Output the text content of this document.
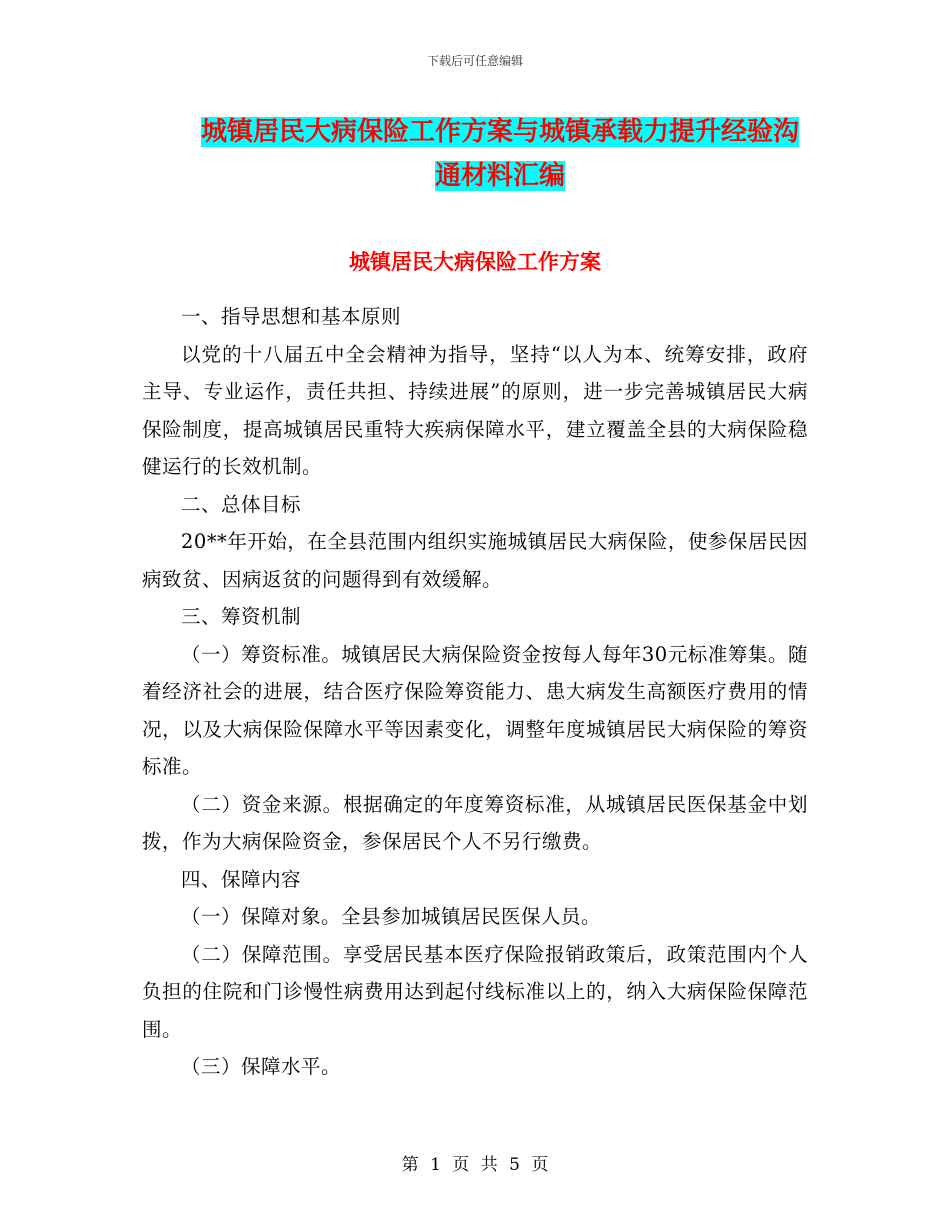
下载后可任意编辑
城镇居民大病保险工作方案与城镇承载力提升经验沟
通材料汇编
城镇居民大病保险工作方案

一、指导思想和基本原则

以党的十八届五中全会精神为指导，坚持“以人为本、统筹安排，政府主导、专业运作，责任共担、持续进展”的原则，进一步完善城镇居民大病保险制度，提高城镇居民重特大疾病保障水平，建立覆盖全县的大病保险稳健运行的长效机制。

二、总体目标

20**年开始，在全县范围内组织实施城镇居民大病保险，使参保居民因病致贫、因病返贫的问题得到有效缓解。

三、筹资机制

（一）筹资标准。城镇居民大病保险资金按每人每年30元标准筹集。随着经济社会的进展，结合医疗保险筹资能力、患大病发生高额医疗费用的情况，以及大病保险保障水平等因素变化，调整年度城镇居民大病保险的筹资标准。

（二）资金来源。根据确定的年度筹资标准，从城镇居民医保基金中划拨，作为大病保险资金，参保居民个人不另行缴费。

四、保障内容

（一）保障对象。全县参加城镇居民医保人员。

（二）保障范围。享受居民基本医疗保险报销政策后，政策范围内个人负担的住院和门诊慢性病费用达到起付线标准以上的，纳入大病保险保障范围。

（三）保障水平。

第 1 页 共 5 页
